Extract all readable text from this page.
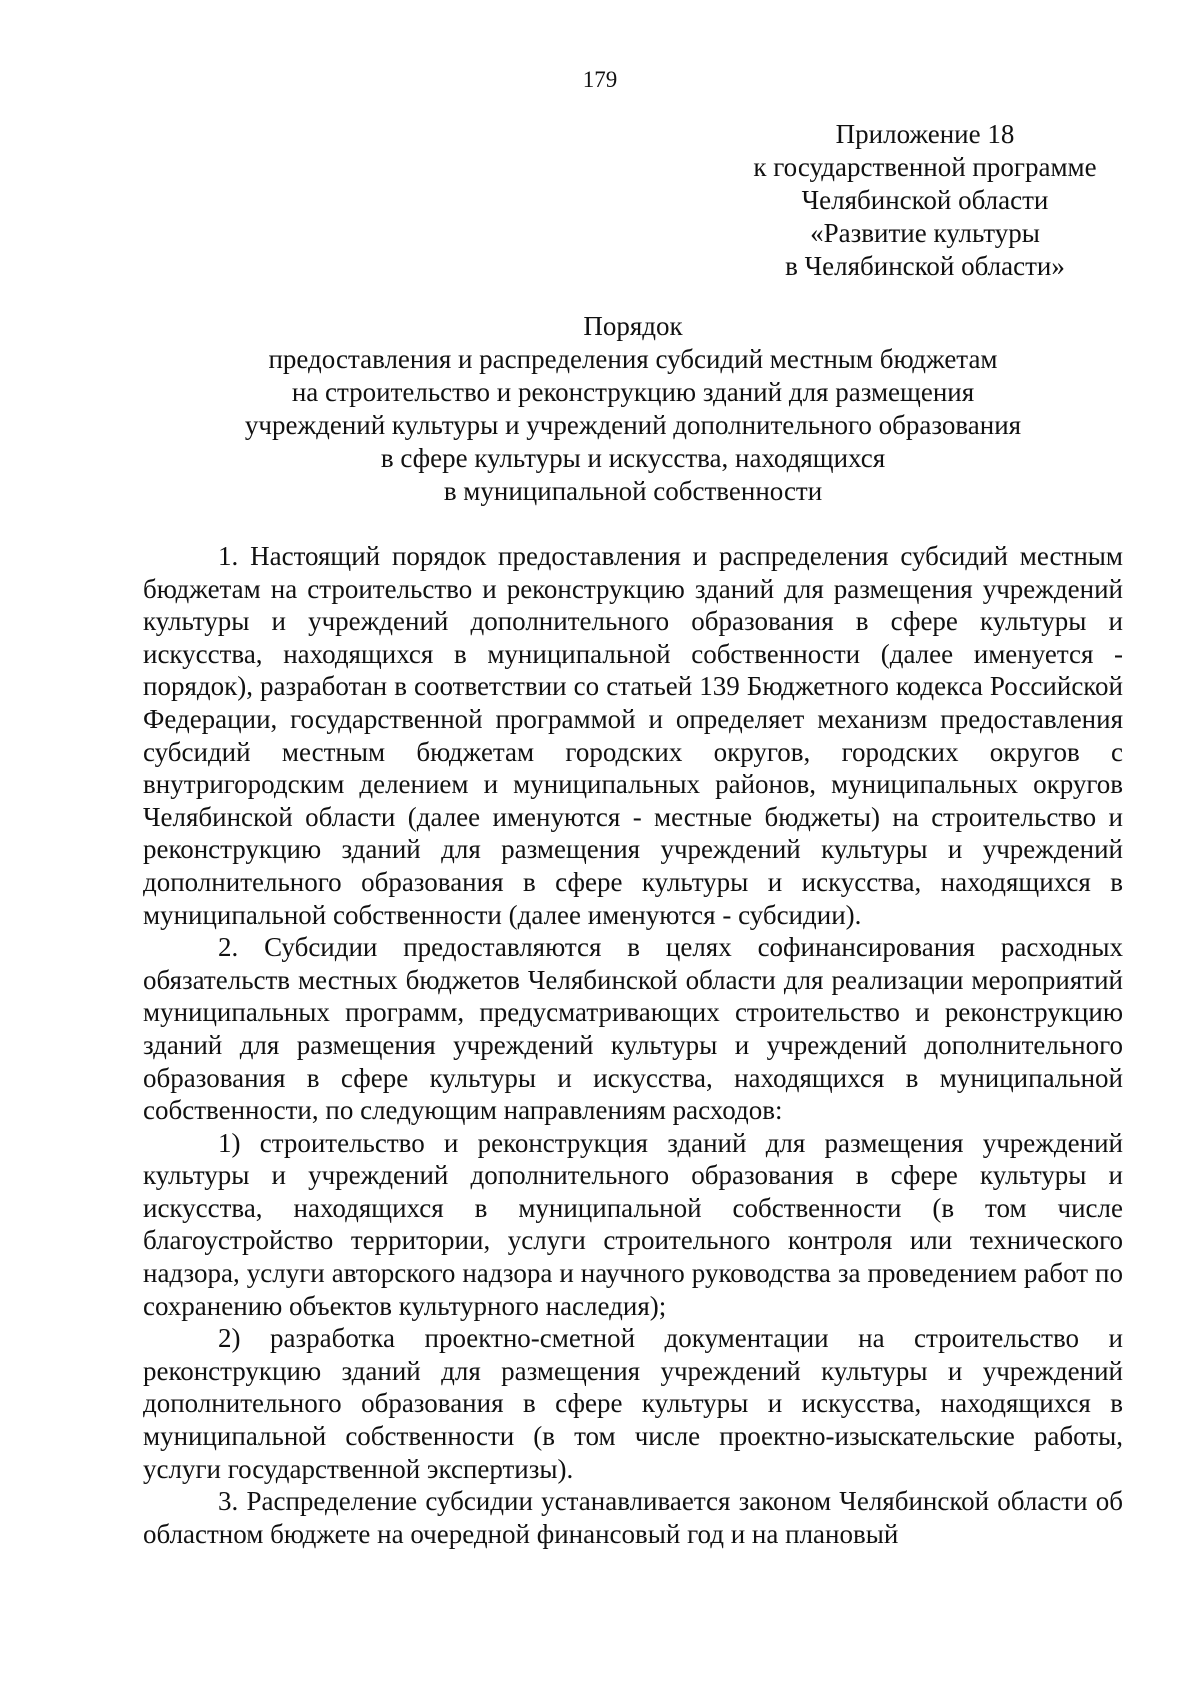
179
Приложение 18
к государственной программе
Челябинской области
«Развитие культуры
в Челябинской области»
Порядок
предоставления и распределения субсидий местным бюджетам
на строительство и реконструкцию зданий для размещения
учреждений культуры и учреждений дополнительного образования
в сфере культуры и искусства, находящихся
в муниципальной собственности

1. Настоящий порядок предоставления и распределения субсидий местным бюджетам на строительство и реконструкцию зданий для размещения учреждений культуры и учреждений дополнительного образования в сфере культуры и искусства, находящихся в муниципальной собственности (далее именуется - порядок), разработан в соответствии со статьей 139 Бюджетного кодекса Российской Федерации, государственной программой и определяет механизм предоставления субсидий местным бюджетам городских округов, городских округов с внутригородским делением и муниципальных районов, муниципальных округов Челябинской области (далее именуются - местные бюджеты) на строительство и реконструкцию зданий для размещения учреждений культуры и учреждений дополнительного образования в сфере культуры и искусства, находящихся в муниципальной собственности (далее именуются - субсидии).

2. Субсидии предоставляются в целях софинансирования расходных обязательств местных бюджетов Челябинской области для реализации мероприятий муниципальных программ, предусматривающих строительство и реконструкцию зданий для размещения учреждений культуры и учреждений дополнительного образования в сфере культуры и искусства, находящихся в муниципальной собственности, по следующим направлениям расходов:

1) строительство и реконструкция зданий для размещения учреждений культуры и учреждений дополнительного образования в сфере культуры и искусства, находящихся в муниципальной собственности (в том числе благоустройство территории, услуги строительного контроля или технического надзора, услуги авторского надзора и научного руководства за проведением работ по сохранению объектов культурного наследия);

2) разработка проектно-сметной документации на строительство и реконструкцию зданий для размещения учреждений культуры и учреждений дополнительного образования в сфере культуры и искусства, находящихся в муниципальной собственности (в том числе проектно-изыскательские работы, услуги государственной экспертизы).

3. Распределение субсидии устанавливается законом Челябинской области об областном бюджете на очередной финансовый год и на плановый
